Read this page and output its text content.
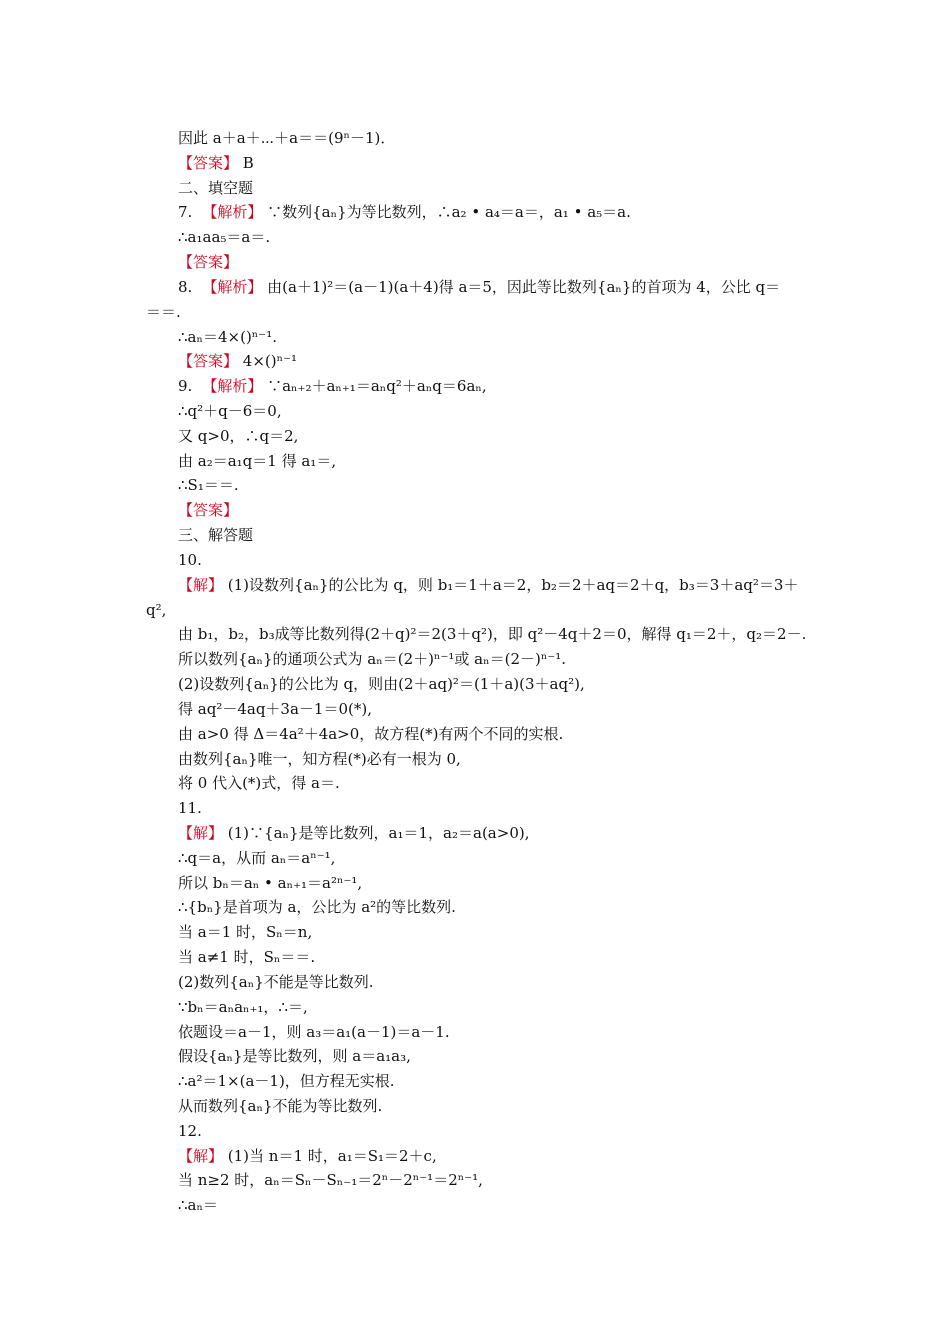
因此 a＋a＋⋯＋a＝＝(9ⁿ－1)．
【答案】 B
二、填空题
7. 【解析】 ∵数列{aₙ}为等比数列，∴a₂ • a₄＝a＝，a₁ • a₅＝a.
∴a₁aa₅＝a＝.
【答案】
8. 【解析】 由(a＋1)²＝(a－1)(a＋4)得 a＝5，因此等比数列{aₙ}的首项为 4，公比 q＝
＝＝.
∴aₙ＝4×()ⁿ⁻¹.
【答案】 4×()ⁿ⁻¹
9. 【解析】 ∵aₙ₊₂＋aₙ₊₁＝aₙq²＋aₙq＝6aₙ,
∴q²＋q－6＝0,
又 q>0，∴q＝2,
由 a₂＝a₁q＝1 得 a₁＝,
∴S₁＝＝.
【答案】
三、解答题
10.
【解】 (1)设数列{aₙ}的公比为 q，则 b₁＝1＋a＝2，b₂＝2＋aq＝2＋q，b₃＝3＋aq²＝3＋
q²,
由 b₁，b₂，b₃成等比数列得(2＋q)²＝2(3＋q²)，即 q²－4q＋2＝0，解得 q₁＝2＋，q₂＝2－.
所以数列{aₙ}的通项公式为 aₙ＝(2＋)ⁿ⁻¹或 aₙ＝(2－)ⁿ⁻¹.
(2)设数列{aₙ}的公比为 q，则由(2＋aq)²＝(1＋a)(3＋aq²),
得 aq²－4aq＋3a－1＝0(*),
由 a>0 得 Δ＝4a²＋4a>0，故方程(*)有两个不同的实根.
由数列{aₙ}唯一，知方程(*)必有一根为 0,
将 0 代入(*)式，得 a＝.
11.
【解】 (1)∵{aₙ}是等比数列，a₁＝1，a₂＝a(a>0),
∴q＝a，从而 aₙ＝aⁿ⁻¹,
所以 bₙ＝aₙ • aₙ₊₁＝a²ⁿ⁻¹,
∴{bₙ}是首项为 a，公比为 a²的等比数列.
当 a＝1 时，Sₙ＝n,
当 a≠1 时，Sₙ＝＝.
(2)数列{aₙ}不能是等比数列.
∵bₙ＝aₙaₙ₊₁，∴＝,
依题设＝a－1，则 a₃＝a₁(a－1)＝a－1.
假设{aₙ}是等比数列，则 a＝a₁a₃,
∴a²＝1×(a－1)，但方程无实根.
从而数列{aₙ}不能为等比数列.
12.
【解】 (1)当 n＝1 时，a₁＝S₁＝2＋c,
当 n≥2 时，aₙ＝Sₙ－Sₙ₋₁＝2ⁿ－2ⁿ⁻¹＝2ⁿ⁻¹,
∴aₙ＝
